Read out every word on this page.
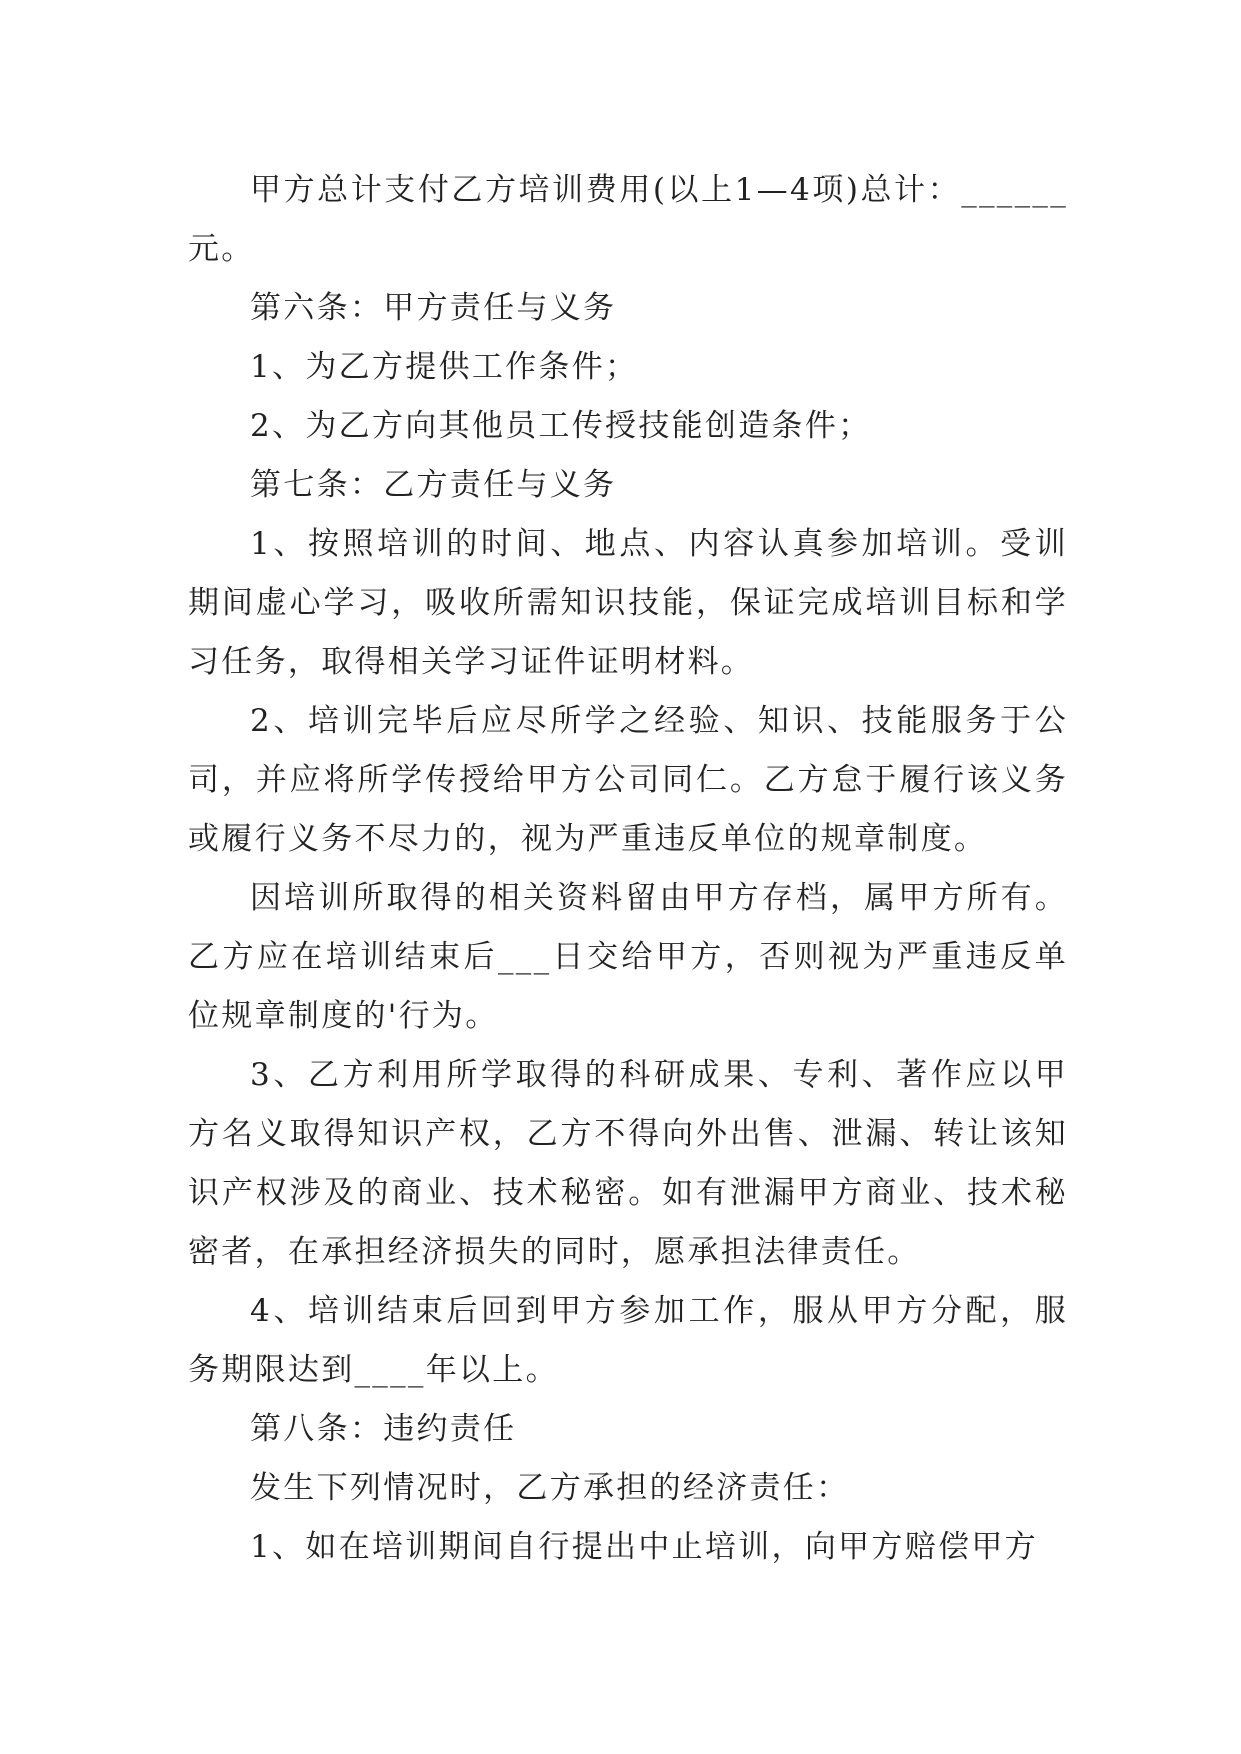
甲方总计支付乙方培训费用(以上1—4项)总计：______元。

第六条：甲方责任与义务

1、为乙方提供工作条件；

2、为乙方向其他员工传授技能创造条件；

第七条：乙方责任与义务

1、按照培训的时间、地点、内容认真参加培训。受训期间虚心学习，吸收所需知识技能，保证完成培训目标和学习任务，取得相关学习证件证明材料。

2、培训完毕后应尽所学之经验、知识、技能服务于公司，并应将所学传授给甲方公司同仁。乙方怠于履行该义务或履行义务不尽力的，视为严重违反单位的规章制度。

因培训所取得的相关资料留由甲方存档，属甲方所有。乙方应在培训结束后___日交给甲方，否则视为严重违反单位规章制度的'行为。

3、乙方利用所学取得的科研成果、专利、著作应以甲方名义取得知识产权，乙方不得向外出售、泄漏、转让该知识产权涉及的商业、技术秘密。如有泄漏甲方商业、技术秘密者，在承担经济损失的同时，愿承担法律责任。

4、培训结束后回到甲方参加工作，服从甲方分配，服务期限达到____年以上。

第八条：违约责任

发生下列情况时，乙方承担的经济责任：

1、如在培训期间自行提出中止培训，向甲方赔偿甲方
